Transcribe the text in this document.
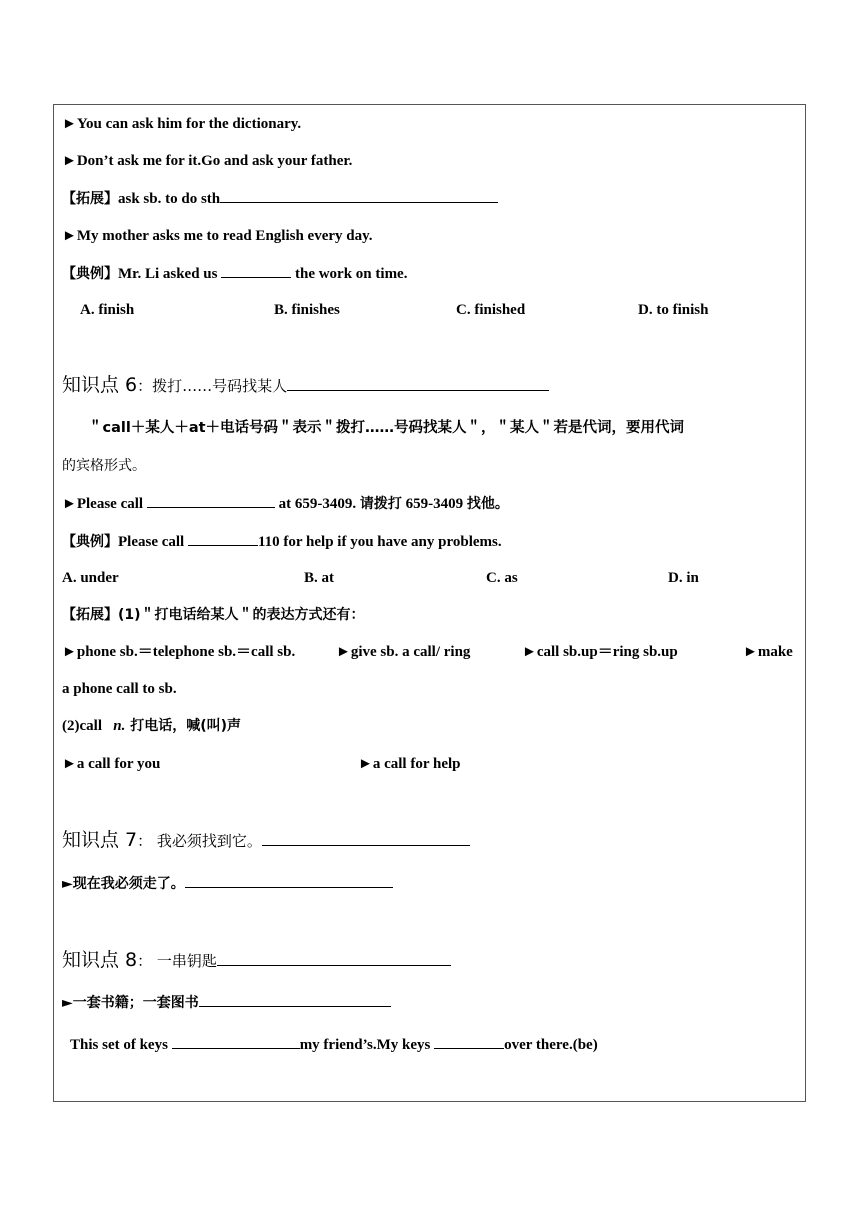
►You can ask him for the dictionary.
►Don’t ask me for it.Go and ask your father.
【拓展】ask sb. to do sth
►My mother asks me to read English every day.
【典例】Mr. Li asked us	the work on time.
A. finish	B. finishes	C. finished	D. to finish
知识点 6：拨打……号码找某人
＂call＋某人＋at＋电话号码＂表示＂拨打……号码找某人＂，＂某人＂若是代词，要用代词
的宾格形式。
►Please call	at 659-3409. 请拨打 659-3409 找他。
【典例】Please call	110 for help if you have any problems.
A. under	B. at	C. as	D. in
【拓展】(1)＂打电话给某人＂的表达方式还有：
►phone sb.＝telephone sb.＝call sb.	►give sb. a call/ ring	►call sb.up＝ring sb.up	►make
a phone call to sb.
(2)call n. 打电话，喊(叫)声
►a call for you	►a call for help
知识点 7： 我必须找到它。
►现在我必须走了。
知识点 8： 一串钥匙
►一套书籍；一套图书
This set of keys	my friend’s.My keys	over there.(be)
